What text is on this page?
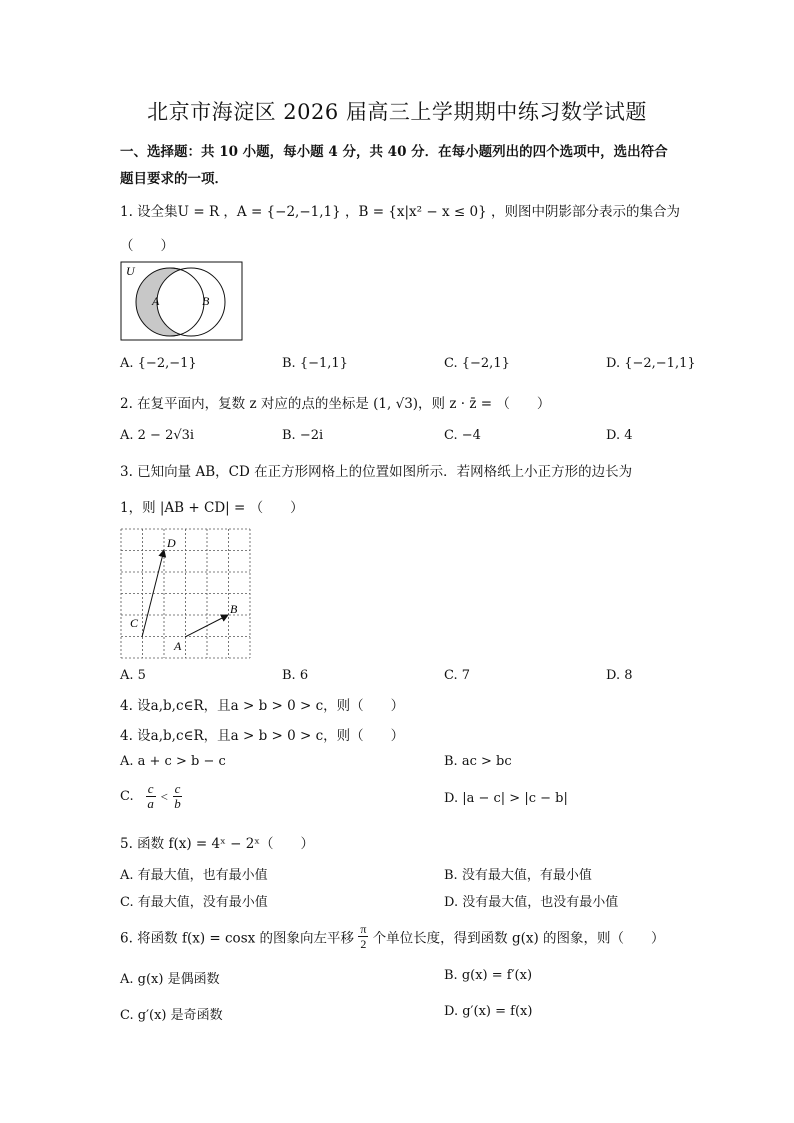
北京市海淀区 2026 届高三上学期期中练习数学试题
一、选择题：共 10 小题，每小题 4 分，共 40 分．在每小题列出的四个选项中，选出符合
题目要求的一项．
1. 设全集U = R ，A = {−2,−1,1} ，B = {x|x² − x ≤ 0} ，则图中阴影部分表示的集合为
（　　）
U
A	B
A. {−2,−1}	B. {−1,1}	C. {−2,1}	D. {−2,−1,1}
2. 在复平面内，复数 z 对应的点的坐标是 (1, √3)，则 z · z̄ = （　　）
A. 2 − 2√3i	B. −2i	C. −4	D. 4
3. 已知向量 AB，CD 在正方形网格上的位置如图所示．若网格纸上小正方形的边长为
1，则 |AB + CD| = （　　）
D
C
B
A
A. 5	B. 6	C. 7	D. 8
4. 设a,b,c∈R，且a > b > 0 > c，则（　　）
4. 设a,b,c∈R，且a > b > 0 > c，则（　　）
A. a + c > b − c	B. ac > bc
C. $\frac{c}{a} < \frac{c}{b}$	D. |a − c| > |c − b|
5. 函数 f(x) = 4ˣ − 2ˣ（　　）
A. 有最大值，也有最小值	B. 没有最大值，有最小值
C. 有最大值，没有最小值	D. 没有最大值，也没有最小值
6. 将函数 f(x) = cosx 的图象向左平移 $\frac{\pi}{2}$ 个单位长度，得到函数 g(x) 的图象，则（　　）
A. g(x) 是偶函数	B. g(x) = f′(x)
C. g′(x) 是奇函数	D. g′(x) = f(x)
